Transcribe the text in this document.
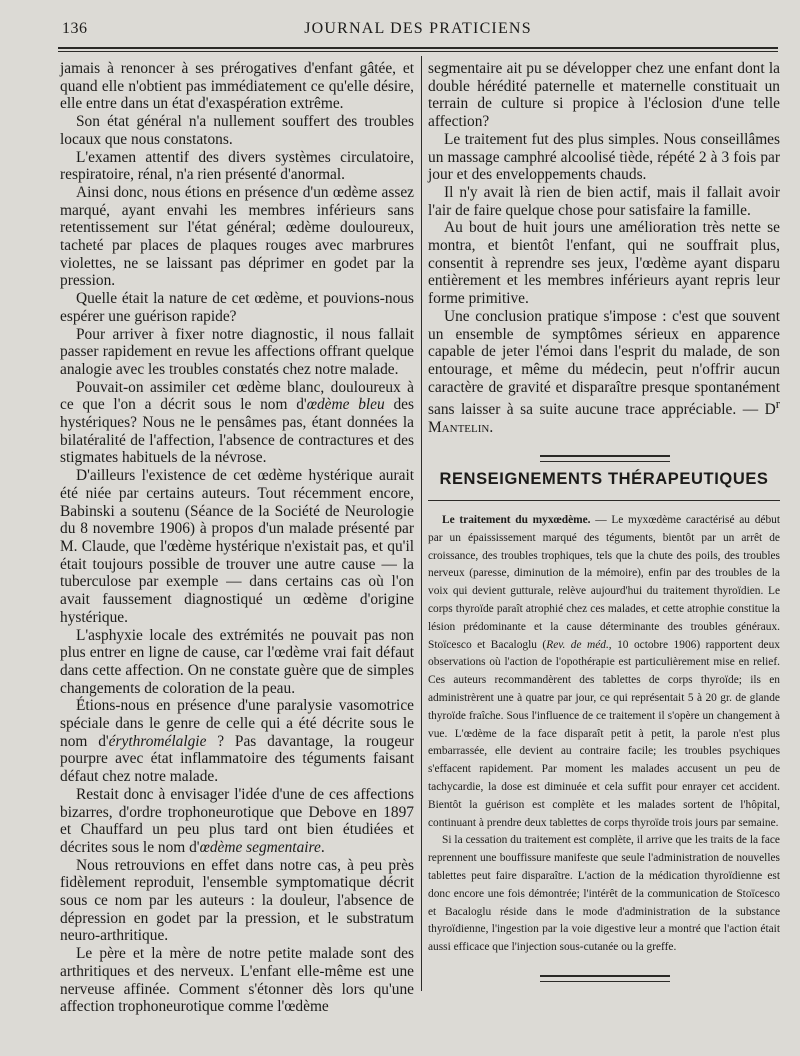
136	JOURNAL DES PRATICIENS

jamais à renoncer à ses prérogatives d'enfant gâtée, et quand elle n'obtient pas immédiatement ce qu'elle désire, elle entre dans un état d'exaspération extrême.

Son état général n'a nullement souffert des troubles locaux que nous constatons.

L'examen attentif des divers systèmes circulatoire, respiratoire, rénal, n'a rien présenté d'anormal.

Ainsi donc, nous étions en présence d'un œdème assez marqué, ayant envahi les membres inférieurs sans retentissement sur l'état général; œdème douloureux, tacheté par places de plaques rouges avec marbrures violettes, ne se laissant pas déprimer en godet par la pression.

Quelle était la nature de cet œdème, et pouvions-nous espérer une guérison rapide?

Pour arriver à fixer notre diagnostic, il nous fallait passer rapidement en revue les affections offrant quelque analogie avec les troubles constatés chez notre malade.

Pouvait-on assimiler cet œdème blanc, douloureux à ce que l'on a décrit sous le nom d'œdème bleu des hystériques? Nous ne le pensâmes pas, étant données la bilatéralité de l'affection, l'absence de contractures et des stigmates habituels de la névrose.

D'ailleurs l'existence de cet œdème hystérique aurait été niée par certains auteurs. Tout récemment encore, Babinski a soutenu (Séance de la Société de Neurologie du 8 novembre 1906) à propos d'un malade présenté par M. Claude, que l'œdème hystérique n'existait pas, et qu'il était toujours possible de trouver une autre cause — la tuberculose par exemple — dans certains cas où l'on avait faussement diagnostiqué un œdème d'origine hystérique.

L'asphyxie locale des extrémités ne pouvait pas non plus entrer en ligne de cause, car l'œdème vrai fait défaut dans cette affection. On ne constate guère que de simples changements de coloration de la peau.

Étions-nous en présence d'une paralysie vasomotrice spéciale dans le genre de celle qui a été décrite sous le nom d'érythromélalgie ? Pas davantage, la rougeur pourpre avec état inflammatoire des téguments faisant défaut chez notre malade.

Restait donc à envisager l'idée d'une de ces affections bizarres, d'ordre trophoneurotique que Debove en 1897 et Chauffard un peu plus tard ont bien étudiées et décrites sous le nom d'œdème segmentaire.

Nous retrouvions en effet dans notre cas, à peu près fidèlement reproduit, l'ensemble symptomatique décrit sous ce nom par les auteurs : la douleur, l'absence de dépression en godet par la pression, et le substratum neuro-arthritique.

Le père et la mère de notre petite malade sont des arthritiques et des nerveux. L'enfant elle-même est une nerveuse affinée. Comment s'étonner dès lors qu'une affection trophoneurotique comme l'œdème

segmentaire ait pu se développer chez une enfant dont la double hérédité paternelle et maternelle constituait un terrain de culture si propice à l'éclosion d'une telle affection?

Le traitement fut des plus simples. Nous conseillâmes un massage camphré alcoolisé tiède, répété 2 à 3 fois par jour et des enveloppements chauds.

Il n'y avait là rien de bien actif, mais il fallait avoir l'air de faire quelque chose pour satisfaire la famille.

Au bout de huit jours une amélioration très nette se montra, et bientôt l'enfant, qui ne souffrait plus, consentit à reprendre ses jeux, l'œdème ayant disparu entièrement et les membres inférieurs ayant repris leur forme primitive.

Une conclusion pratique s'impose : c'est que souvent un ensemble de symptômes sérieux en apparence capable de jeter l'émoi dans l'esprit du malade, de son entourage, et même du médecin, peut n'offrir aucun caractère de gravité et disparaître presque spontanément sans laisser à sa suite aucune trace appréciable. — $D^r$ Mantelin.

RENSEIGNEMENTS THÉRAPEUTIQUES

Le traitement du myxœdème. — Le myxœdème caractérisé au début par un épaississement marqué des téguments, bientôt par un arrêt de croissance, des troubles trophiques, tels que la chute des poils, des troubles nerveux (paresse, diminution de la mémoire), enfin par des troubles de la voix qui devient gutturale, relève aujourd'hui du traitement thyroïdien. Le corps thyroïde paraît atrophié chez ces malades, et cette atrophie constitue la lésion prédominante et la cause déterminante des troubles généraux. Stoïcesco et Bacaloglu (Rev. de méd., 10 octobre 1906) rapportent deux observations où l'action de l'opothérapie est particulièrement mise en relief. Ces auteurs recommandèrent des tablettes de corps thyroïde; ils en administrèrent une à quatre par jour, ce qui représentait 5 à 20 gr. de glande thyroïde fraîche. Sous l'influence de ce traitement il s'opère un changement à vue. L'œdème de la face disparaît petit à petit, la parole n'est plus embarrassée, elle devient au contraire facile; les troubles psychiques s'effacent rapidement. Par moment les malades accusent un peu de tachycardie, la dose est diminuée et cela suffit pour enrayer cet accident. Bientôt la guérison est complète et les malades sortent de l'hôpital, continuant à prendre deux tablettes de corps thyroïde trois jours par semaine.

Si la cessation du traitement est complète, il arrive que les traits de la face reprennent une bouffissure manifeste que seule l'administration de nouvelles tablettes peut faire disparaître. L'action de la médication thyroïdienne est donc encore une fois démontrée; l'intérêt de la communication de Stoïcesco et Bacaloglu réside dans le mode d'administration de la substance thyroïdienne, l'ingestion par la voie digestive leur a montré que l'action était aussi efficace que l'injection sous-cutanée ou la greffe.
